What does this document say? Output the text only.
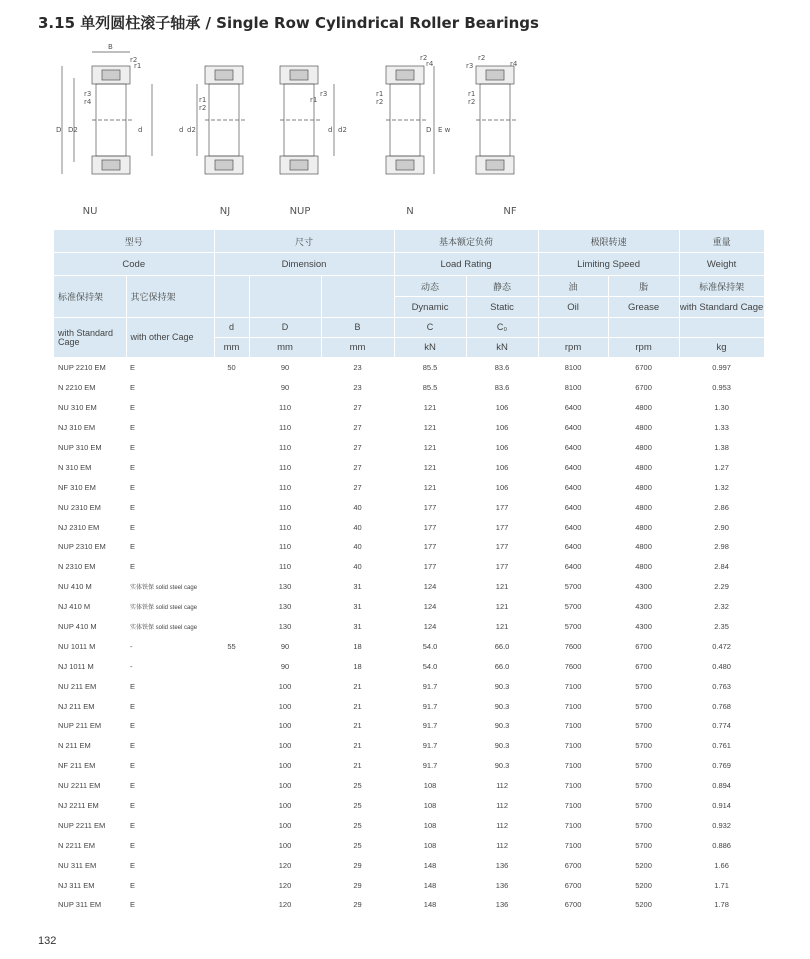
3.15 单列圆柱滚子轴承 / Single Row Cylindrical Roller Bearings
B
r2
r1
r3
r4
D D2	d
NU
r1
r2
d d2
NJ
r1
r3
d d2
NUP
r2
r4
r1
r2
D E w
N
r2
r3	r4
r1
r2
NF
型号		尺寸			基本额定负荷		极限转速		重量
Code		Dimension			Load Rating		Limiting Speed		Weight
标准保持架	其它保持架				动态	静态	油	脂	标准保持架
					Dynamic	Static	Oil	Grease	with Standard Cage
with Standard Cage	with other Cage	d	D	B	C	C₀			
		mm	mm	mm	kN	kN	rpm	rpm	kg
NUP 2210 EM	E	50	90	23	85.5	83.6	8100	6700	0.997
N 2210 EM	E		90	23	85.5	83.6	8100	6700	0.953
NU 310 EM	E		110	27	121	106	6400	4800	1.30
NJ 310 EM	E		110	27	121	106	6400	4800	1.33
NUP 310 EM	E		110	27	121	106	6400	4800	1.38
N 310 EM	E		110	27	121	106	6400	4800	1.27
NF 310 EM	E		110	27	121	106	6400	4800	1.32
NU 2310 EM	E		110	40	177	177	6400	4800	2.86
NJ 2310 EM	E		110	40	177	177	6400	4800	2.90
NUP 2310 EM	E		110	40	177	177	6400	4800	2.98
N 2310 EM	E		110	40	177	177	6400	4800	2.84
NU 410 M	实体铁保 solid steel cage		130	31	124	121	5700	4300	2.29
NJ 410 M	实体铁保 solid steel cage		130	31	124	121	5700	4300	2.32
NUP 410 M	实体铁保 solid steel cage		130	31	124	121	5700	4300	2.35
NU 1011 M	-	55	90	18	54.0	66.0	7600	6700	0.472
NJ 1011 M	-		90	18	54.0	66.0	7600	6700	0.480
NU 211 EM	E		100	21	91.7	90.3	7100	5700	0.763
NJ 211 EM	E		100	21	91.7	90.3	7100	5700	0.768
NUP 211 EM	E		100	21	91.7	90.3	7100	5700	0.774
N 211 EM	E		100	21	91.7	90.3	7100	5700	0.761
NF 211 EM	E		100	21	91.7	90.3	7100	5700	0.769
NU 2211 EM	E		100	25	108	112	7100	5700	0.894
NJ 2211 EM	E		100	25	108	112	7100	5700	0.914
NUP 2211 EM	E		100	25	108	112	7100	5700	0.932
N 2211 EM	E		100	25	108	112	7100	5700	0.886
NU 311 EM	E		120	29	148	136	6700	5200	1.66
NJ 311 EM	E		120	29	148	136	6700	5200	1.71
NUP 311 EM	E		120	29	148	136	6700	5200	1.78
132
